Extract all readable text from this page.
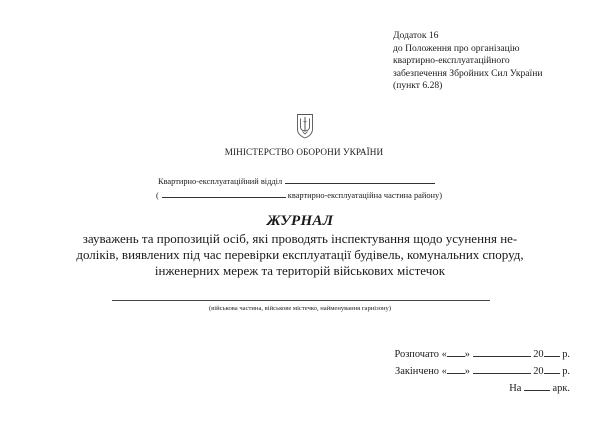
Додаток 16
до Положення про організацію
квартирно-експлуатаційного
забезпечення Збройних Сил України
(пункт 6.28)
МІНІСТЕРСТВО ОБОРОНИ УКРАЇНИ
Квартирно-експлуатаційний відділ
(	квартирно-експлуатаційна частина району)
ЖУРНАЛ
зауважень та пропозицій осіб, які проводять інспектування щодо усунення не-
доліків, виявлених під час перевірки експлуатації будівель, комунальних споруд,
інженерних мереж та територій військових містечок
(військова частина, військове містечко, найменування гарнізону)
Розпочато « »	20 р.
Закінчено « »	20 р.
На	арк.
